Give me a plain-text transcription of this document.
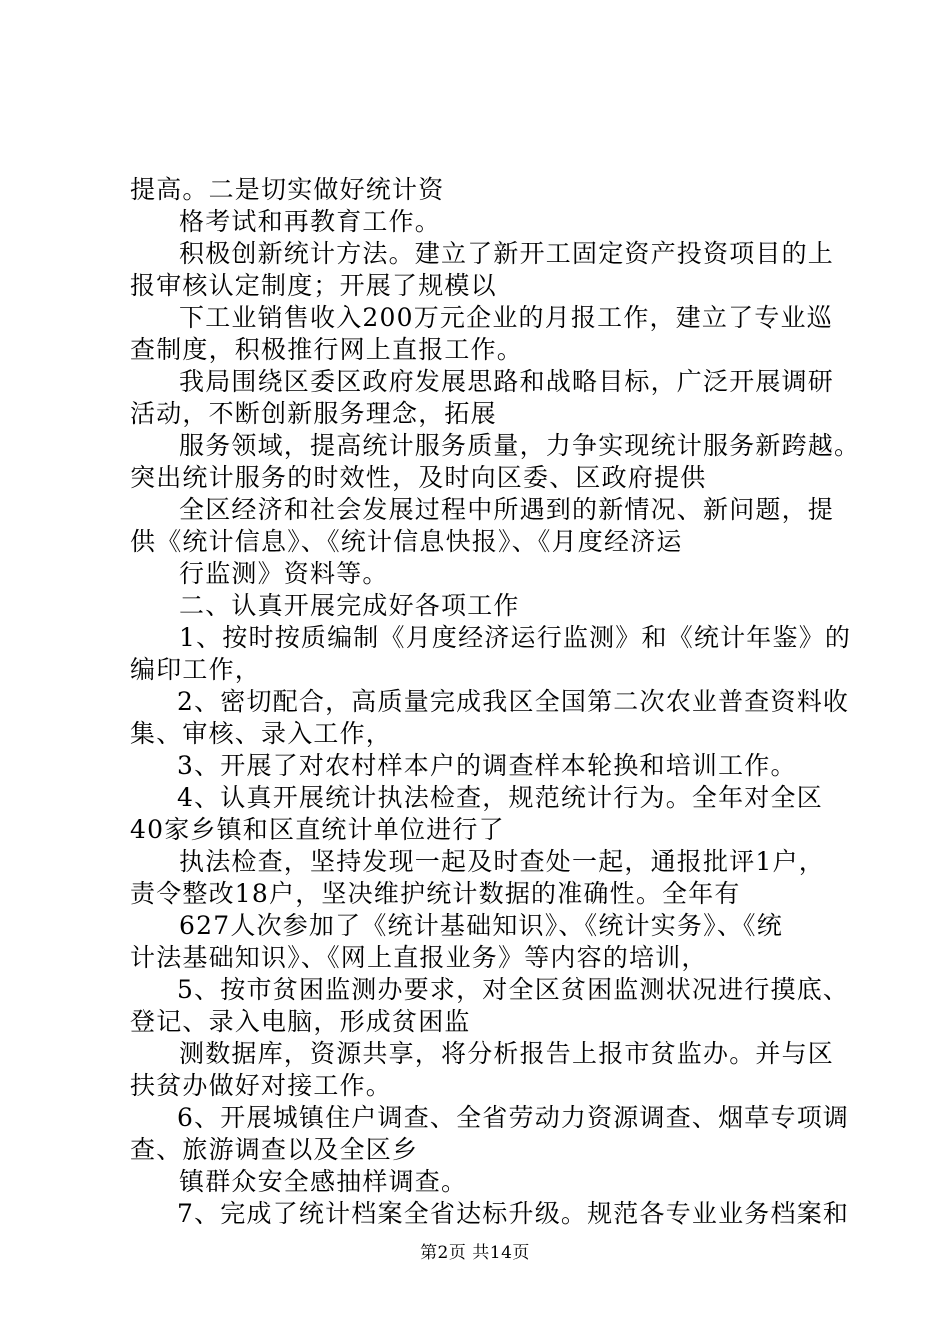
提高。二是切实做好统计资
格考试和再教育工作。
积极创新统计方法。建立了新开工固定资产投资项目的上
报审核认定制度；开展了规模以
下工业销售收入200万元企业的月报工作，建立了专业巡
查制度，积极推行网上直报工作。
我局围绕区委区政府发展思路和战略目标，广泛开展调研
活动，不断创新服务理念，拓展
服务领域，提高统计服务质量，力争实现统计服务新跨越。
突出统计服务的时效性，及时向区委、区政府提供
全区经济和社会发展过程中所遇到的新情况、新问题，提
供《统计信息》、《统计信息快报》、《月度经济运
行监测》资料等。
二、认真开展完成好各项工作
1、按时按质编制《月度经济运行监测》和《统计年鉴》的
编印工作，
2、密切配合，高质量完成我区全国第二次农业普查资料收
集、审核、录入工作，
3、开展了对农村样本户的调查样本轮换和培训工作。
4、认真开展统计执法检查，规范统计行为。全年对全区
40家乡镇和区直统计单位进行了
执法检查，坚持发现一起及时查处一起，通报批评1户，
责令整改18户，坚决维护统计数据的准确性。全年有
627人次参加了《统计基础知识》、《统计实务》、《统
计法基础知识》、《网上直报业务》等内容的培训，
5、按市贫困监测办要求，对全区贫困监测状况进行摸底、
登记、录入电脑，形成贫困监
测数据库，资源共享，将分析报告上报市贫监办。并与区
扶贫办做好对接工作。
6、开展城镇住户调查、全省劳动力资源调查、烟草专项调
查、旅游调查以及全区乡
镇群众安全感抽样调查。
7、完成了统计档案全省达标升级。规范各专业业务档案和
第2页 共14页
